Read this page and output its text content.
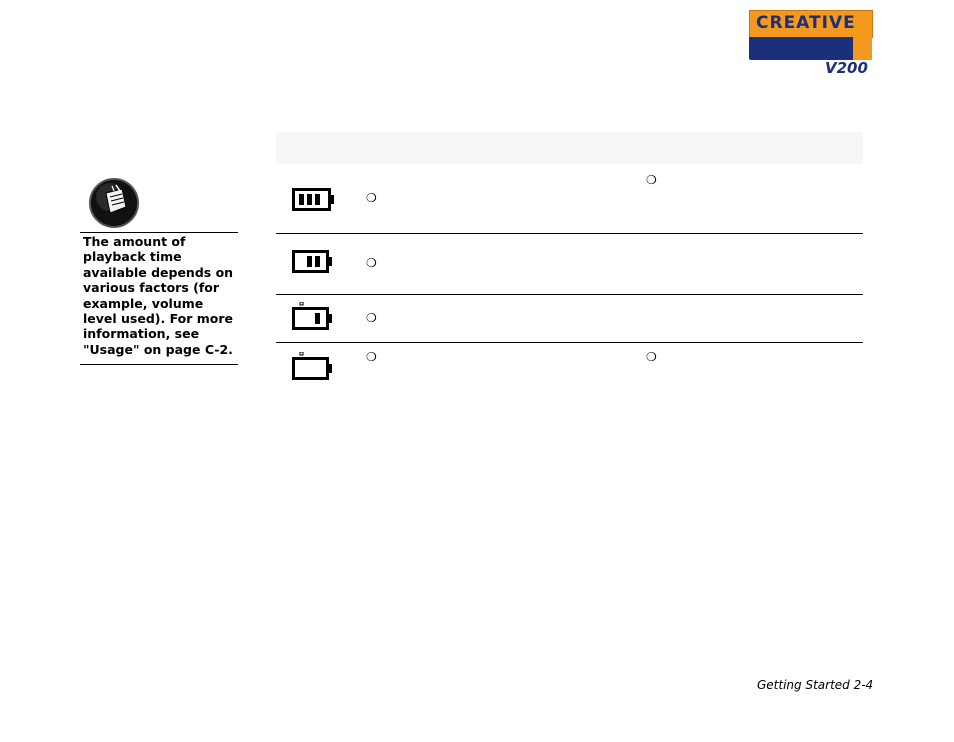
CREATIVE
MuVo V200
The amount of playback time available depends on various factors (for example, volume level used). For more information, see "Usage" on page C-2.
❍
❍
❍
❍
❍	❍
Getting Started 2-4
